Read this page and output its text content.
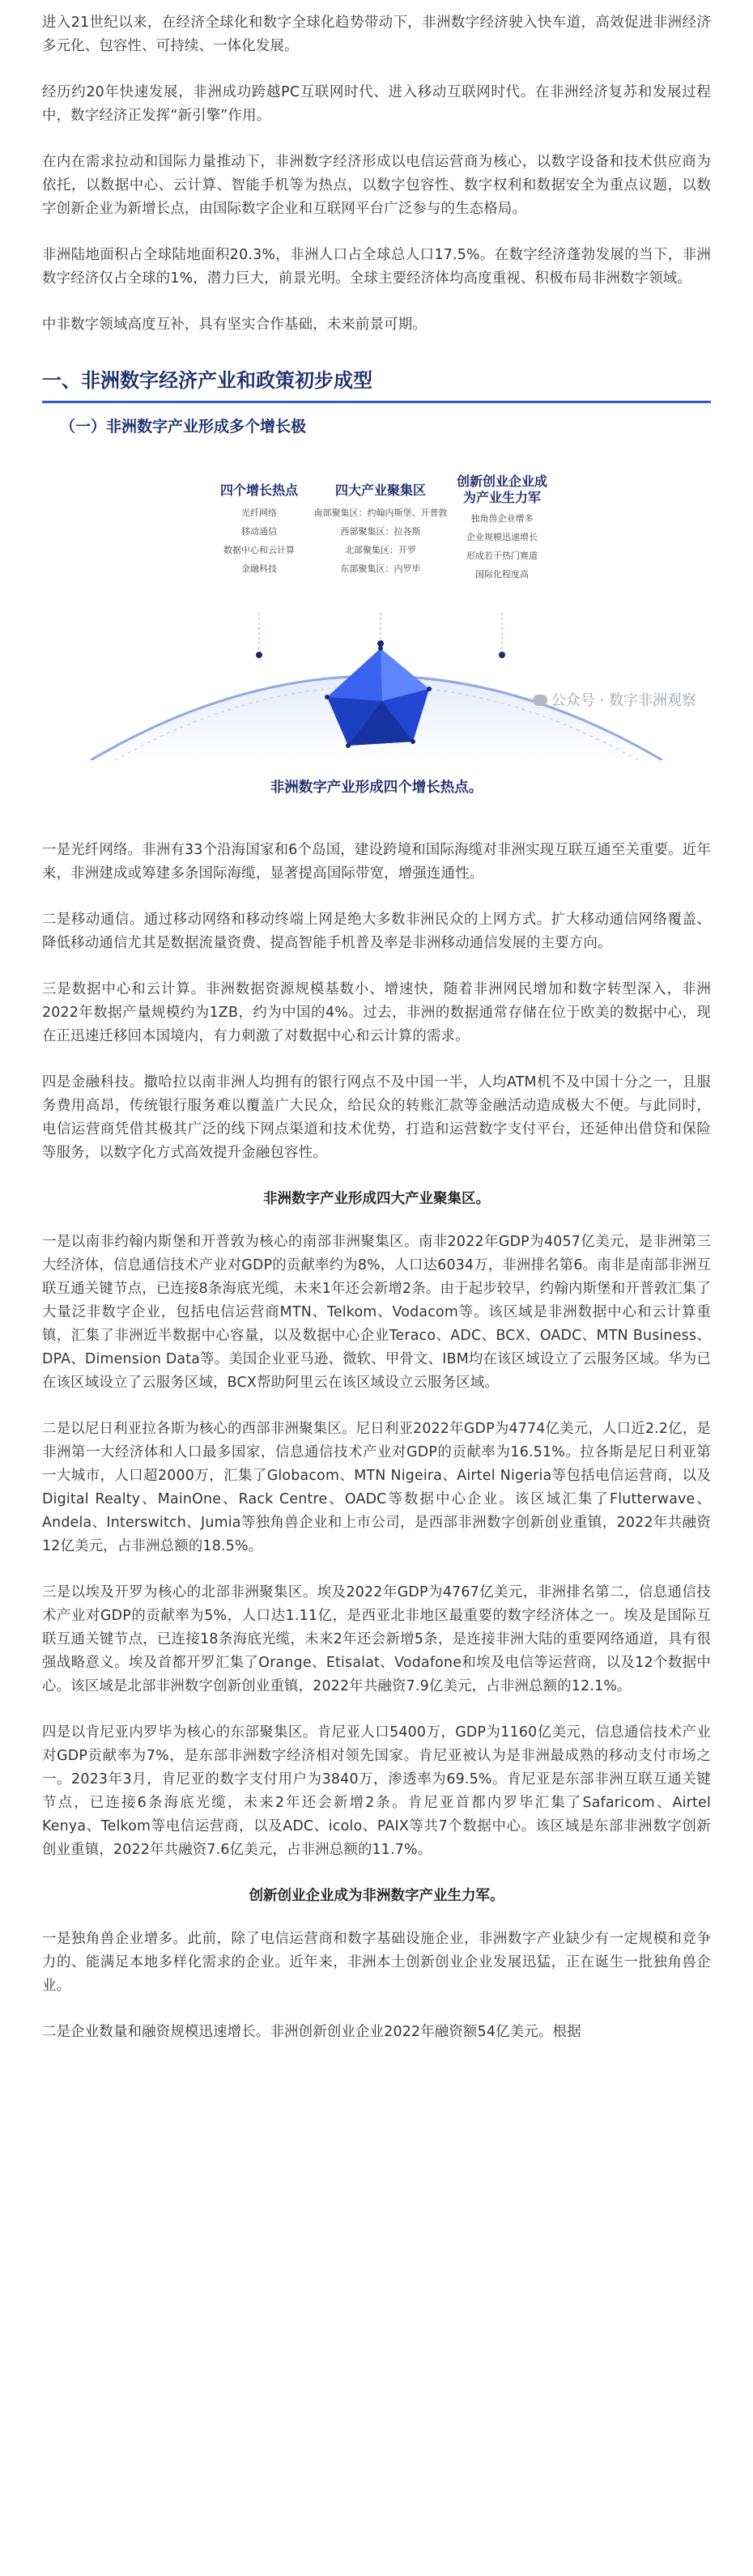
进入21世纪以来，在经济全球化和数字全球化趋势带动下，非洲数字经济驶入快车道，高效促进非洲经济多元化、包容性、可持续、一体化发展。

经历约20年快速发展，非洲成功跨越PC互联网时代、进入移动互联网时代。在非洲经济复苏和发展过程中，数字经济正发挥“新引擎”作用。

在内在需求拉动和国际力量推动下，非洲数字经济形成以电信运营商为核心，以数字设备和技术供应商为依托，以数据中心、云计算、智能手机等为热点，以数字包容性、数字权利和数据安全为重点议题，以数字创新企业为新增长点，由国际数字企业和互联网平台广泛参与的生态格局。

非洲陆地面积占全球陆地面积20.3%，非洲人口占全球总人口17.5%。在数字经济蓬勃发展的当下，非洲数字经济仅占全球的1%，潜力巨大，前景光明。全球主要经济体均高度重视、积极布局非洲数字领域。

中非数字领域高度互补，具有坚实合作基础，未来前景可期。

一、非洲数字经济产业和政策初步成型
（一）非洲数字产业形成多个增长极
四个增长热点
光纤网络
移动通信
数据中心和云计算
金融科技
四大产业聚集区
南部聚集区：约翰内斯堡、开普敦
西部聚集区：拉各斯
北部聚集区：开罗
东部聚集区：内罗毕
创新创业企业成
为产业生力军
独角兽企业增多
企业规模迅速增长
形成若干热门赛道
国际化程度高
公众号 · 数字非洲观察
非洲数字产业形成四个增长热点。

一是光纤网络。非洲有33个沿海国家和6个岛国，建设跨境和国际海缆对非洲实现互联互通至关重要。近年来，非洲建成或筹建多条国际海缆，显著提高国际带宽，增强连通性。

二是移动通信。通过移动网络和移动终端上网是绝大多数非洲民众的上网方式。扩大移动通信网络覆盖、降低移动通信尤其是数据流量资费、提高智能手机普及率是非洲移动通信发展的主要方向。

三是数据中心和云计算。非洲数据资源规模基数小、增速快，随着非洲网民增加和数字转型深入，非洲2022年数据产量规模约为1ZB，约为中国的4%。过去，非洲的数据通常存储在位于欧美的数据中心，现在正迅速迁移回本国境内，有力刺激了对数据中心和云计算的需求。

四是金融科技。撒哈拉以南非洲人均拥有的银行网点不及中国一半，人均ATM机不及中国十分之一，且服务费用高昂，传统银行服务难以覆盖广大民众，给民众的转账汇款等金融活动造成极大不便。与此同时，电信运营商凭借其极其广泛的线下网点渠道和技术优势，打造和运营数字支付平台，还延伸出借贷和保险等服务，以数字化方式高效提升金融包容性。

非洲数字产业形成四大产业聚集区。

一是以南非约翰内斯堡和开普敦为核心的南部非洲聚集区。南非2022年GDP为4057亿美元，是非洲第三大经济体，信息通信技术产业对GDP的贡献率约为8%，人口达6034万，非洲排名第6。南非是南部非洲互联互通关键节点，已连接8条海底光缆，未来1年还会新增2条。由于起步较早，约翰内斯堡和开普敦汇集了大量泛非数字企业，包括电信运营商MTN、Telkom、Vodacom等。该区域是非洲数据中心和云计算重镇，汇集了非洲近半数据中心容量，以及数据中心企业Teraco、ADC、BCX、OADC、MTN Business、DPA、Dimension Data等。美国企业亚马逊、微软、甲骨文、IBM均在该区域设立了云服务区域。华为已在该区域设立了云服务区域，BCX帮助阿里云在该区域设立云服务区域。

二是以尼日利亚拉各斯为核心的西部非洲聚集区。尼日利亚2022年GDP为4774亿美元，人口近2.2亿，是非洲第一大经济体和人口最多国家，信息通信技术产业对GDP的贡献率为16.51%。拉各斯是尼日利亚第一大城市，人口超2000万，汇集了Globacom、MTN Nigeira、Airtel Nigeria等包括电信运营商，以及Digital Realty、MainOne、Rack Centre、OADC等数据中心企业。该区域汇集了Flutterwave、Andela、Interswitch、Jumia等独角兽企业和上市公司，是西部非洲数字创新创业重镇，2022年共融资12亿美元，占非洲总额的18.5%。

三是以埃及开罗为核心的北部非洲聚集区。埃及2022年GDP为4767亿美元，非洲排名第二，信息通信技术产业对GDP的贡献率为5%，人口达1.11亿，是西亚北非地区最重要的数字经济体之一。埃及是国际互联互通关键节点，已连接18条海底光缆，未来2年还会新增5条，是连接非洲大陆的重要网络通道，具有很强战略意义。埃及首都开罗汇集了Orange、Etisalat、Vodafone和埃及电信等运营商，以及12个数据中心。该区域是北部非洲数字创新创业重镇，2022年共融资7.9亿美元，占非洲总额的12.1%。

四是以肯尼亚内罗毕为核心的东部聚集区。肯尼亚人口5400万，GDP为1160亿美元，信息通信技术产业对GDP贡献率为7%，是东部非洲数字经济相对领先国家。肯尼亚被认为是非洲最成熟的移动支付市场之一。2023年3月，肯尼亚的数字支付用户为3840万，渗透率为69.5%。肯尼亚是东部非洲互联互通关键节点，已连接6条海底光缆，未来2年还会新增2条。肯尼亚首都内罗毕汇集了Safaricom、Airtel Kenya、Telkom等电信运营商，以及ADC、icolo、PAIX等共7个数据中心。该区域是东部非洲数字创新创业重镇，2022年共融资7.6亿美元，占非洲总额的11.7%。

创新创业企业成为非洲数字产业生力军。

一是独角兽企业增多。此前，除了电信运营商和数字基础设施企业，非洲数字产业缺少有一定规模和竞争力的、能满足本地多样化需求的企业。近年来，非洲本土创新创业企业发展迅猛，正在诞生一批独角兽企业。

二是企业数量和融资规模迅速增长。非洲创新创业企业2022年融资额54亿美元。根据
